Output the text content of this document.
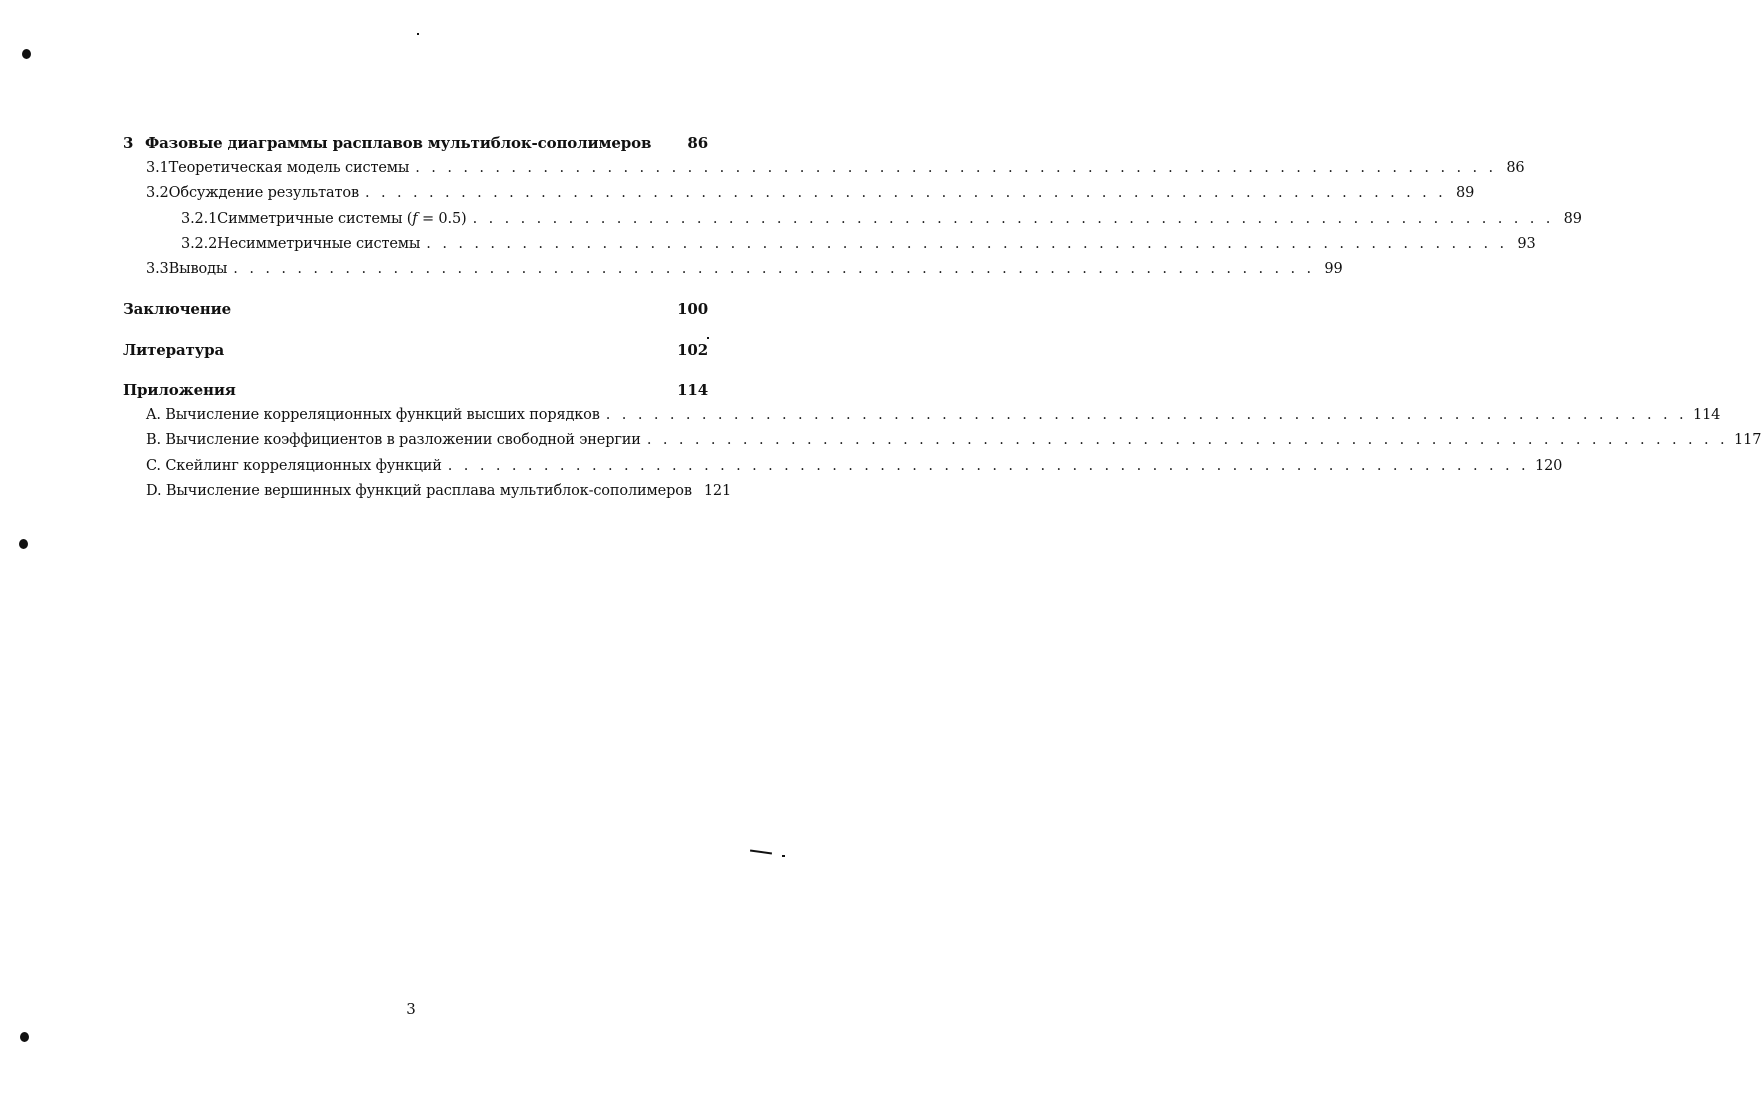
3 Фазовые диаграммы расплавов мультиблок-сополимеров 86
3.1 Теоретическая модель системы . . . . . . . . . . . . . . . . . . . . . . . . . . . . . . . . . . . . . . . . . . . . . . . . . . . . . . . . . . . . . . . . . . . . 86
3.2 Обсуждение результатов . . . . . . . . . . . . . . . . . . . . . . . . . . . . . . . . . . . . . . . . . . . . . . . . . . . . . . . . . . . . . . . . . . . . 89
3.2.1 Симметричные системы (f = 0.5) . . . . . . . . . . . . . . . . . . . . . . . . . . . . . . . . . . . . . . . . . . . . . . . . . . . . . . . . . . . . . . . . . . . . 89
3.2.2 Несимметричные системы . . . . . . . . . . . . . . . . . . . . . . . . . . . . . . . . . . . . . . . . . . . . . . . . . . . . . . . . . . . . . . . . . . . . 93
3.3 Выводы . . . . . . . . . . . . . . . . . . . . . . . . . . . . . . . . . . . . . . . . . . . . . . . . . . . . . . . . . . . . . . . . . . . . 99
Заключение	100
Литература	102
Приложения	114
A. Вычисление корреляционных функций высших порядков . . . . . . . . . . . . . . . . . . . . . . . . . . . . . . . . . . . . . . . . . . . . . . . . . . . . . . . . . . . . . . . . . . . . 114
B. Вычисление коэффициентов в разложении свободной энергии . . . . . . . . . . . . . . . . . . . . . . . . . . . . . . . . . . . . . . . . . . . . . . . . . . . . . . . . . . . . . . . . . . . . 117
C. Скейлинг корреляционных функций . . . . . . . . . . . . . . . . . . . . . . . . . . . . . . . . . . . . . . . . . . . . . . . . . . . . . . . . . . . . . . . . . . . . 120
D. Вычисление вершинных функций расплава мультиблок-сополимеров 121
3
